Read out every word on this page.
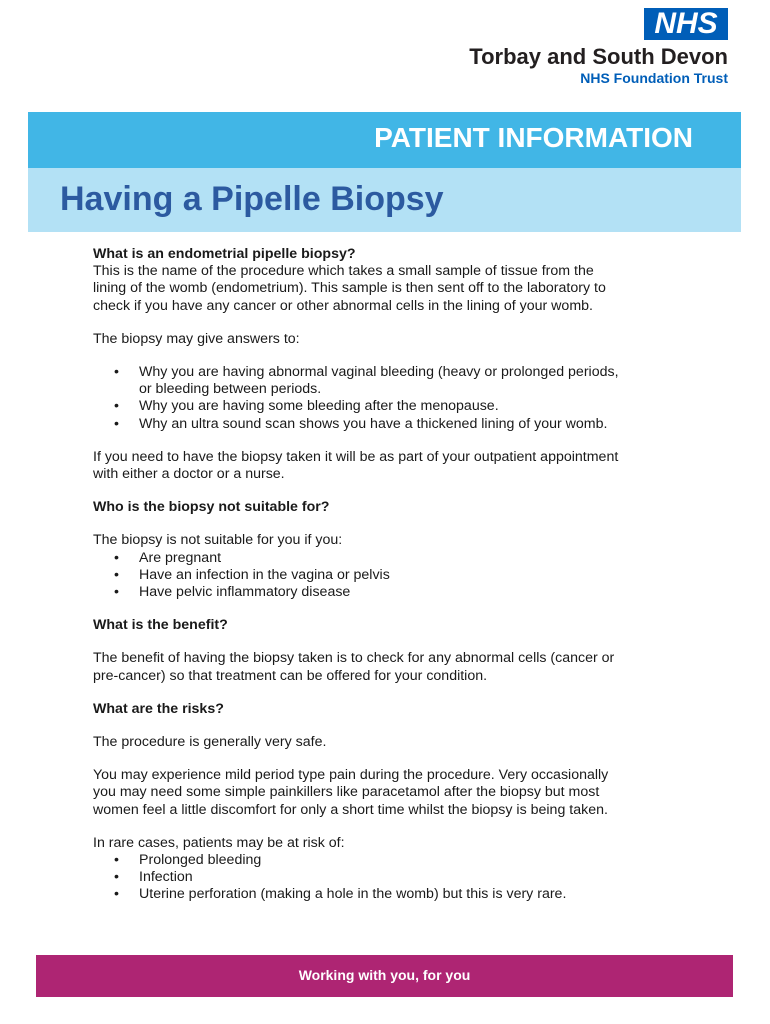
NHS
Torbay and South Devon
NHS Foundation Trust
PATIENT INFORMATION
Having a Pipelle Biopsy

What is an endometrial pipelle biopsy?

This is the name of the procedure which takes a small sample of tissue from the

lining of the womb (endometrium). This sample is then sent off to the laboratory to

check if you have any cancer or other abnormal cells in the lining of your womb.

The biopsy may give answers to:

• Why you are having abnormal vaginal bleeding (heavy or prolonged periods,
or bleeding between periods.
• Why you are having some bleeding after the menopause.
• Why an ultra sound scan shows you have a thickened lining of your womb.

If you need to have the biopsy taken it will be as part of your outpatient appointment

with either a doctor or a nurse.

Who is the biopsy not suitable for?

The biopsy is not suitable for you if you:

• Are pregnant
• Have an infection in the vagina or pelvis
• Have pelvic inflammatory disease

What is the benefit?

The benefit of having the biopsy taken is to check for any abnormal cells (cancer or

pre-cancer) so that treatment can be offered for your condition.

What are the risks?

The procedure is generally very safe.

You may experience mild period type pain during the procedure. Very occasionally

you may need some simple painkillers like paracetamol after the biopsy but most

women feel a little discomfort for only a short time whilst the biopsy is being taken.

In rare cases, patients may be at risk of:

• Prolonged bleeding
• Infection
• Uterine perforation (making a hole in the womb) but this is very rare.
Working with you, for you
